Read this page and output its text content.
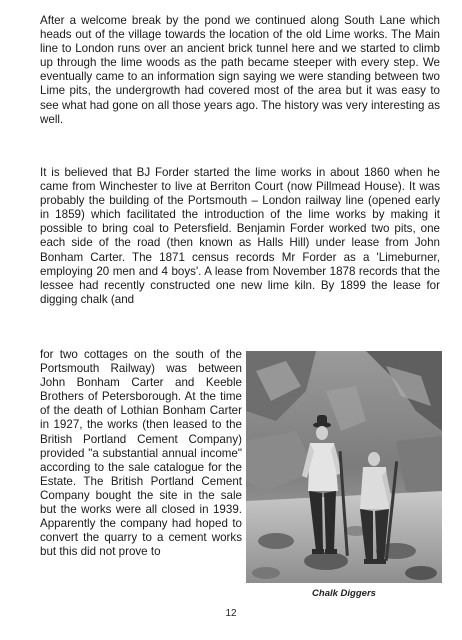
After a welcome break by the pond we continued along South Lane which heads out of the village towards the location of the old Lime works. The Main line to London runs over an ancient brick tunnel here and we started to climb up through the lime woods as the path became steeper with every step. We eventually came to an information sign saying we were standing between two Lime pits, the undergrowth had covered most of the area but it was easy to see what had gone on all those years ago. The history was very interesting as well.

It is believed that BJ Forder started the lime works in about 1860 when he came from Winchester to live at Berriton Court (now Pillmead House). It was probably the building of the Portsmouth – London railway line (opened early in 1859) which facilitated the introduction of the lime works by making it possible to bring coal to Petersfield. Benjamin Forder worked two pits, one each side of the road (then known as Halls Hill) under lease from John Bonham Carter. The 1871 census records Mr Forder as a 'Limeburner, employing 20 men and 4 boys'. A lease from November 1878 records that the lessee had recently constructed one new lime kiln. By 1899 the lease for digging chalk (and

for two cottages on the south of the Portsmouth Railway) was between John Bonham Carter and Keeble Brothers of Petersborough. At the time of the death of Lothian Bonham Carter in 1927, the works (then leased to the British Portland Cement Company) provided "a substantial annual income" according to the sale catalogue for the Estate. The British Portland Cement Company bought the site in the sale but the works were all closed in 1939. Apparently the company had hoped to convert the quarry to a cement works but this did not prove to

Chalk Diggers
12
